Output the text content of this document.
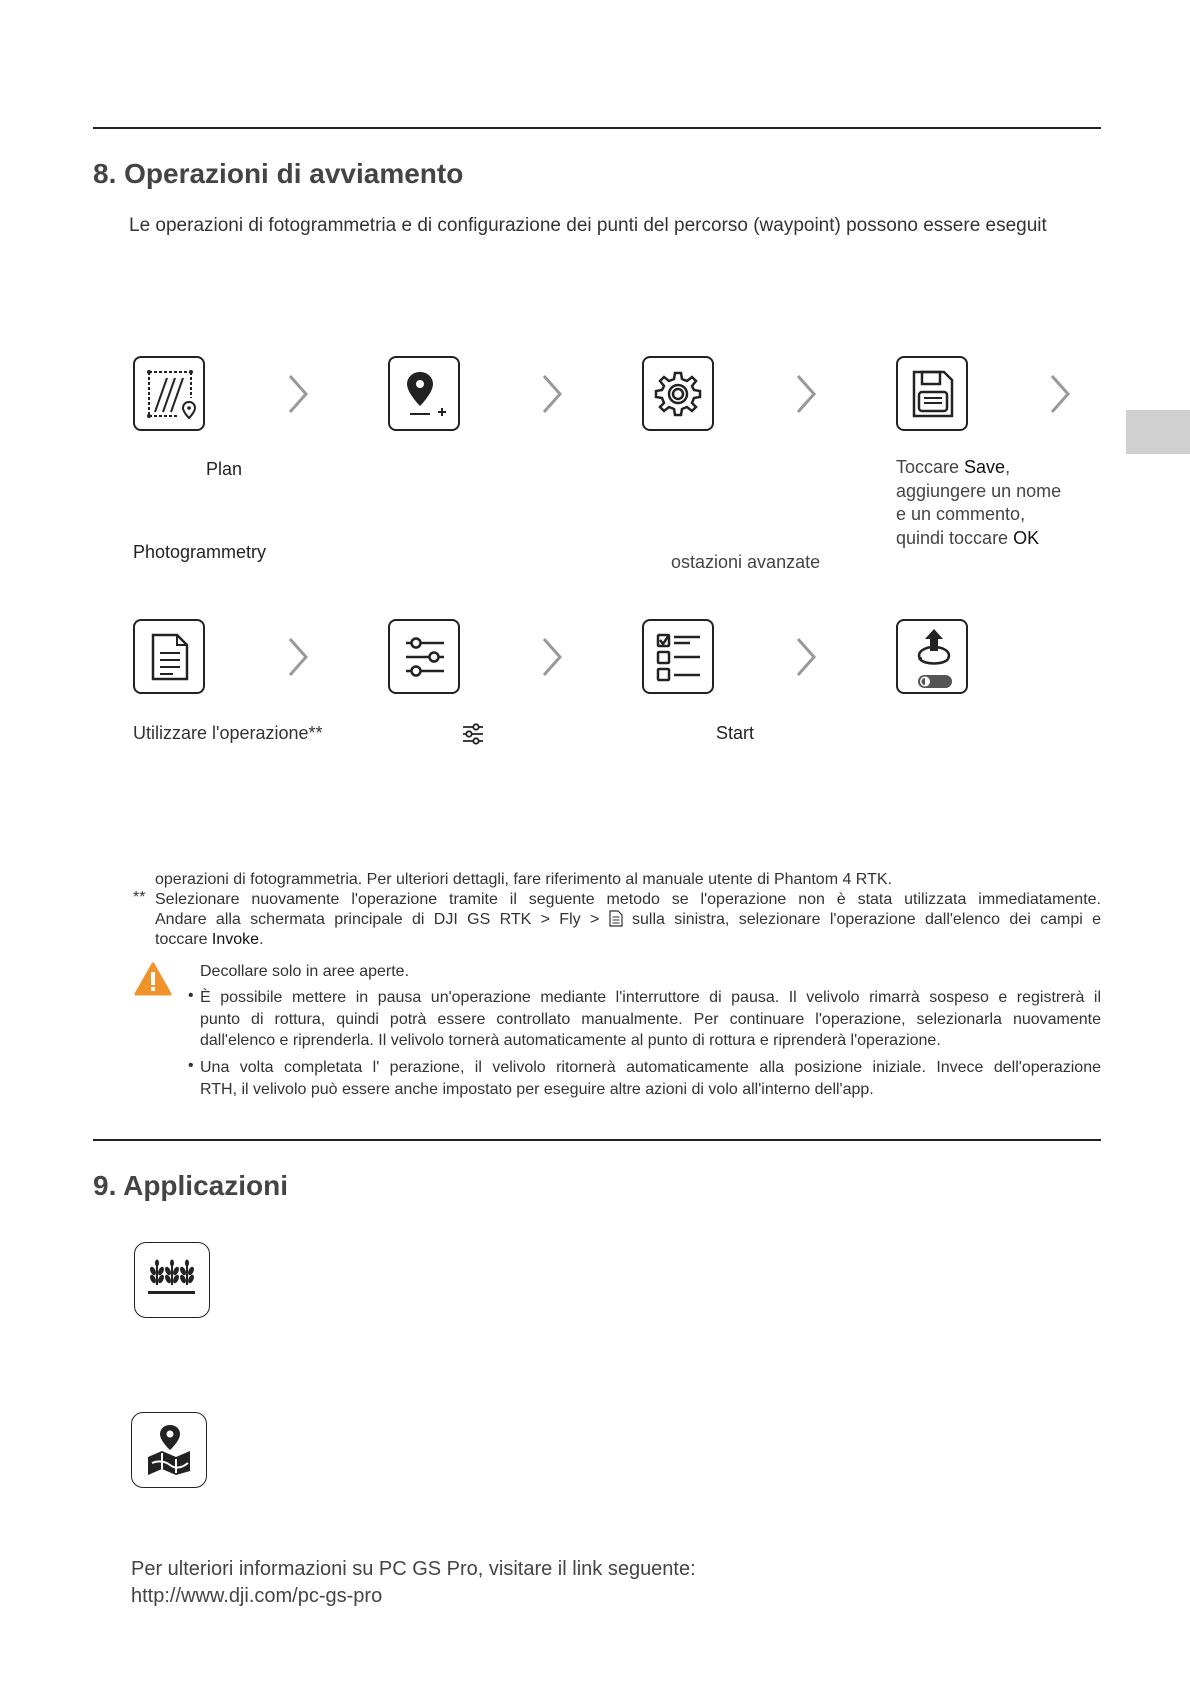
8. Operazioni di avviamento
Le operazioni di fotogrammetria e di configurazione dei punti del percorso (waypoint) possono essere eseguit
Plan
Photogrammetry	ostazioni avanzate
Toccare Save,
aggiungere un nome
e un commento,
quindi toccare OK
Utilizzare l'operazione**	Start
operazioni di fotogrammetria. Per ulteriori dettagli, fare riferimento al manuale utente di Phantom 4 RTK.
** Selezionare nuovamente l'operazione tramite il seguente metodo se l'operazione non è stata utilizzata immediatamente.
Andare alla schermata principale di DJI GS RTK > Fly >  sulla sinistra, selezionare l'operazione dall'elenco dei campi e
toccare Invoke.
Decollare solo in aree aperte.
• È possibile mettere in pausa un'operazione mediante l'interruttore di pausa. Il velivolo rimarrà sospeso e registrerà il
punto di rottura, quindi potrà essere controllato manualmente. Per continuare l'operazione, selezionarla nuovamente
dall'elenco e riprenderla. Il velivolo tornerà automaticamente al punto di rottura e riprenderà l'operazione.
• Una volta completata l' perazione, il velivolo ritornerà automaticamente alla posizione iniziale. Invece dell'operazione
RTH, il velivolo può essere anche impostato per eseguire altre azioni di volo all'interno dell'app.
9. Applicazioni
Per ulteriori informazioni su PC GS Pro, visitare il link seguente:
http://www.dji.com/pc-gs-pro
